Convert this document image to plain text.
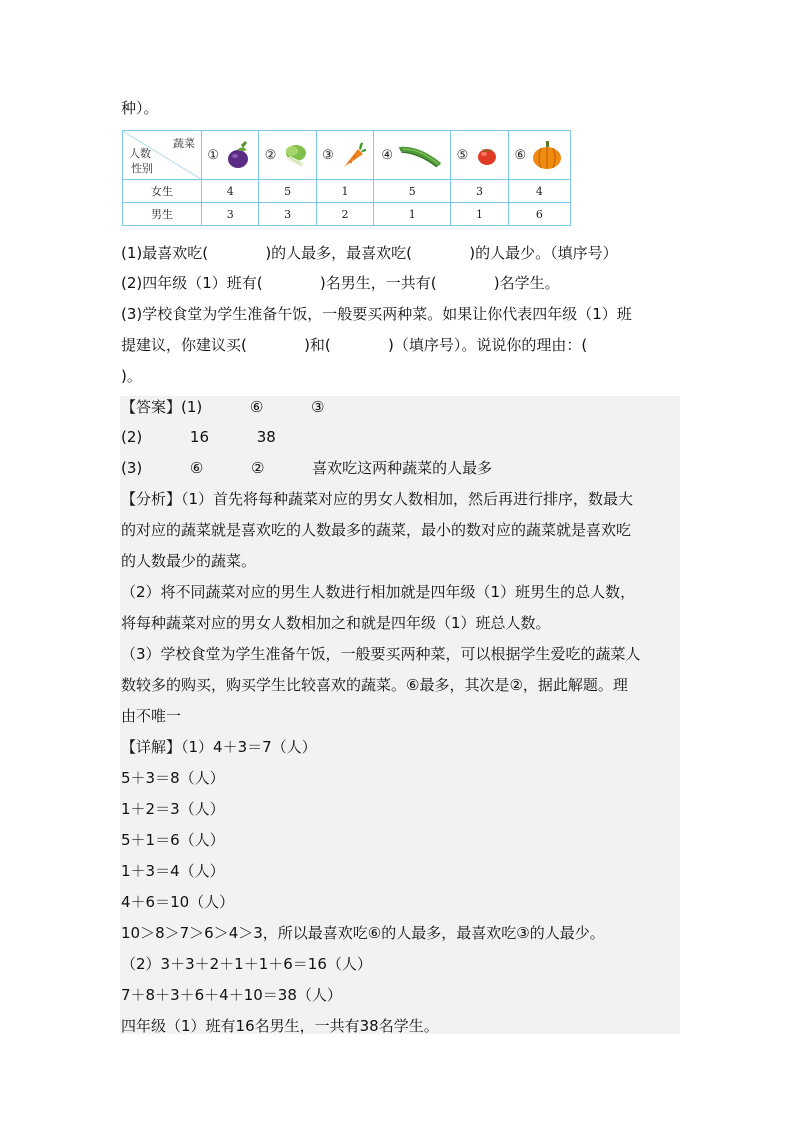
种）。
蔬菜
人数
性别	①	②	③	④	⑤	⑥

女生	4	5	1	5	3	4
男生	3	3	2	1	1	6
(1)最喜欢吃(            )的人最多，最喜欢吃(            )的人最少。（填序号）
(2)四年级（1）班有(            )名男生，一共有(            )名学生。
(3)学校食堂为学生准备午饭，一般要买两种菜。如果让你代表四年级（1）班
提建议，你建议买(            )和(            )（填序号）。说说你的理由：(
)。
【答案】(1)          ⑥          ③
(2)          16          38
(3)          ⑥          ②          喜欢吃这两种蔬菜的人最多
【分析】（1）首先将每种蔬菜对应的男女人数相加，然后再进行排序，数最大
的对应的蔬菜就是喜欢吃的人数最多的蔬菜，最小的数对应的蔬菜就是喜欢吃
的人数最少的蔬菜。
（2）将不同蔬菜对应的男生人数进行相加就是四年级（1）班男生的总人数，
将每种蔬菜对应的男女人数相加之和就是四年级（1）班总人数。
（3）学校食堂为学生准备午饭，一般要买两种菜，可以根据学生爱吃的蔬菜人
数较多的购买，购买学生比较喜欢的蔬菜。⑥最多，其次是②，据此解题。理
由不唯一
【详解】（1）4＋3＝7（人）
5＋3＝8（人）
1＋2＝3（人）
5＋1＝6（人）
1＋3＝4（人）
4＋6＝10（人）
10＞8＞7＞6＞4＞3，所以最喜欢吃⑥的人最多，最喜欢吃③的人最少。
（2）3＋3＋2＋1＋1＋6＝16（人）
7＋8＋3＋6＋4＋10＝38（人）
四年级（1）班有16名男生，一共有38名学生。
